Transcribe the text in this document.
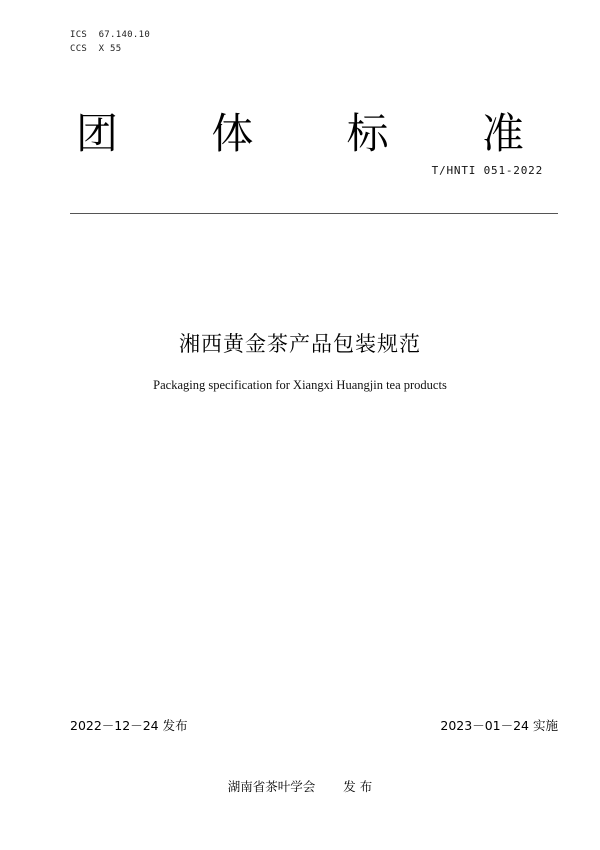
ICS  67.140.10
CCS  X 55
团 体 标 准
T/HNTI 051-2022
湘西黄金茶产品包装规范
Packaging specification for Xiangxi Huangjin tea products
2022－12－24 发布	2023－01－24 实施
湖南省茶叶学会 发 布
